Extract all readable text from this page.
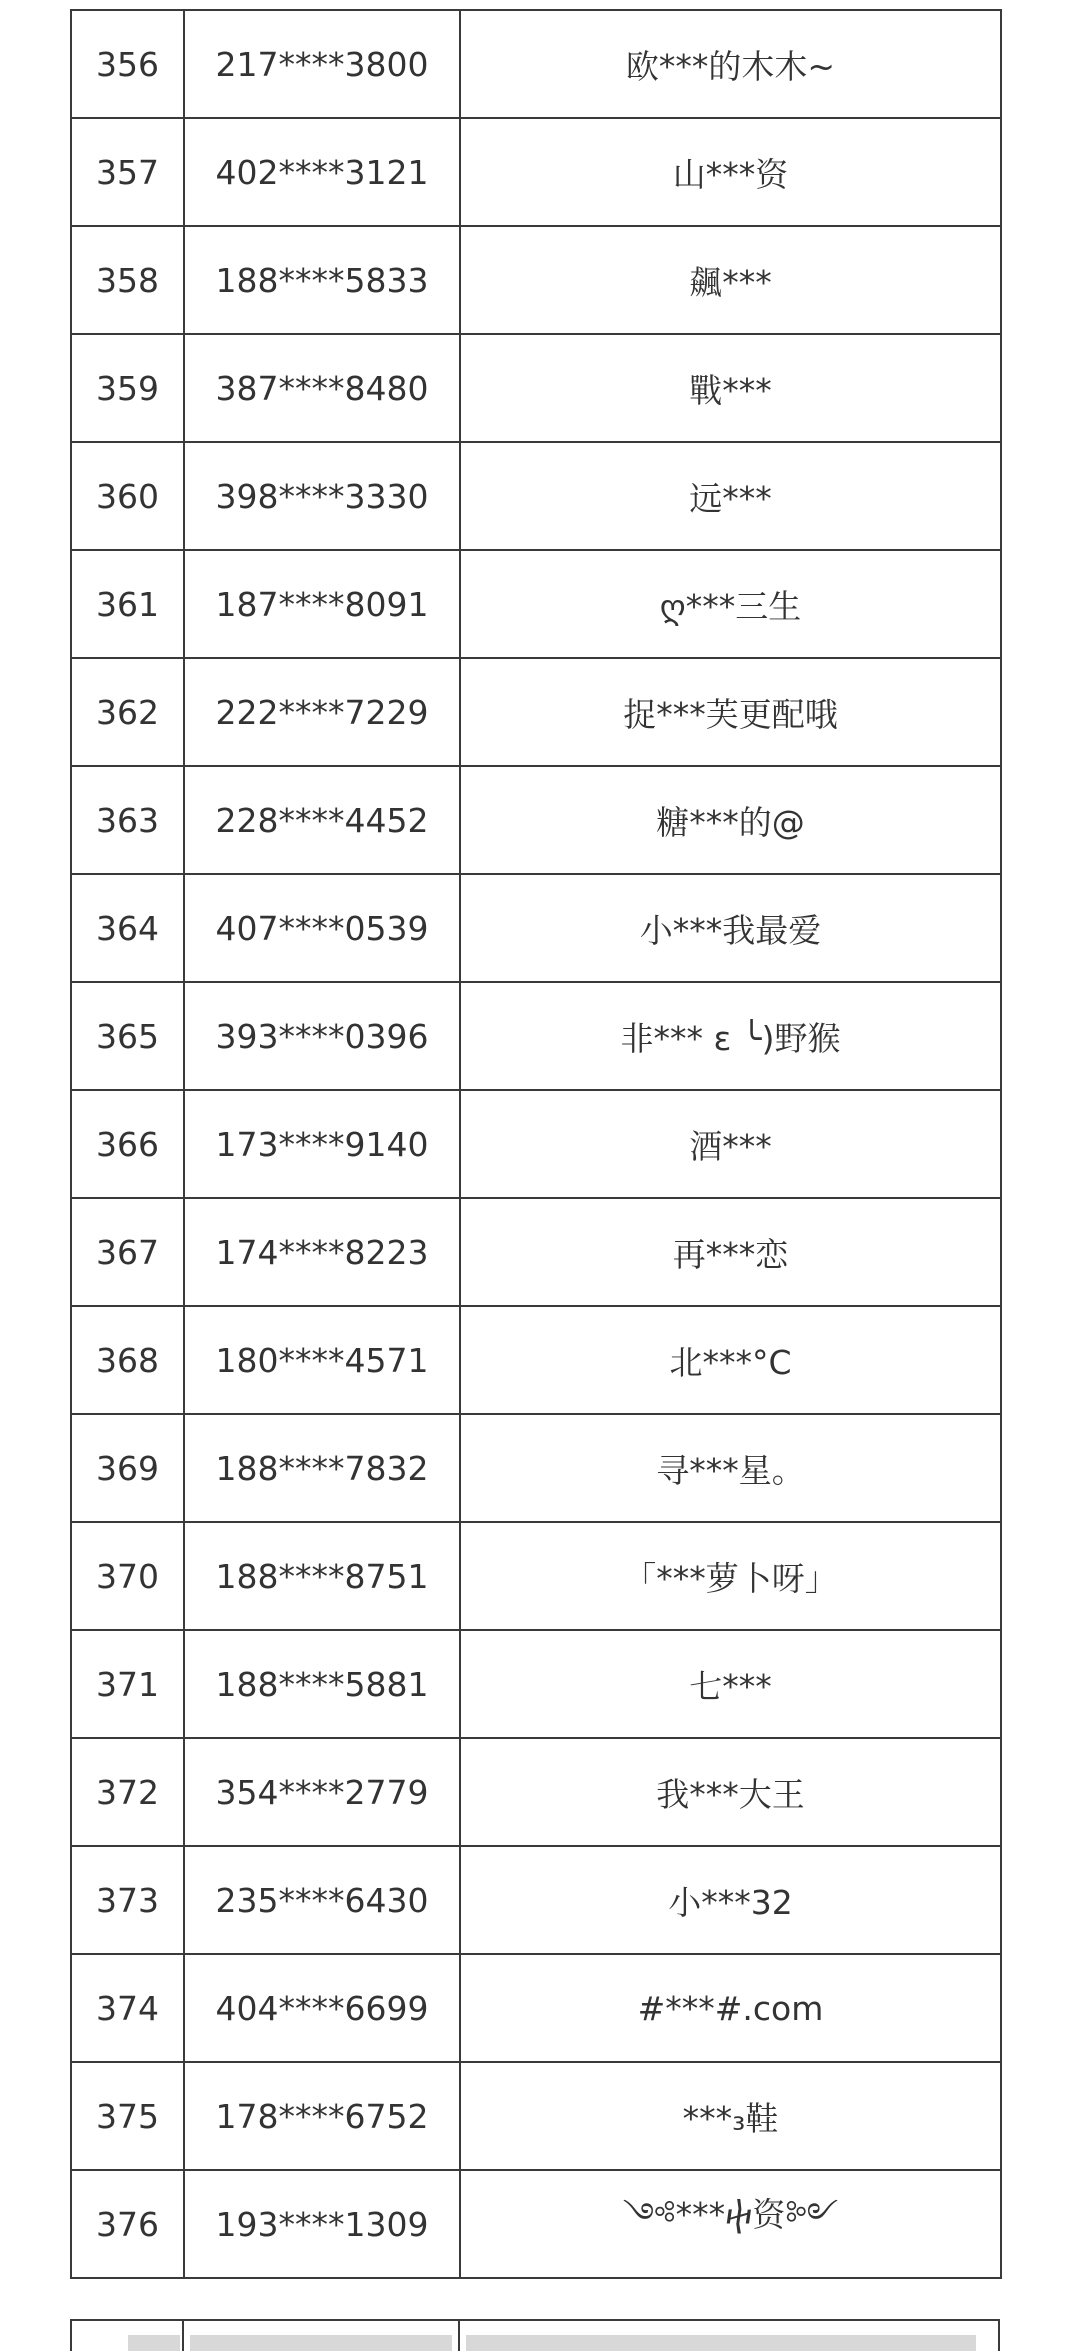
356	217****3800	欧***的木木~
357	402****3121	山***资
358	188****5833	飆***
359	387****8480	戰***
360	398****3330	远***
361	187****8091	ღ***三生
362	222****7229	捉***芙更配哦
363	228****4452	糖***的@
364	407****0539	小***我最爱
365	393****0396	非*** ε ╰)野猴
366	173****9140	酒***
367	174****8223	再***恋
368	180****4571	北***°C
369	188****7832	寻***星。
370	188****8751	「***萝卜呀」
371	188****5881	七***
372	354****2779	我***大王
373	235****6430	小***32
374	404****6699	#***#.com
375	178****6752	***₃鞋
376	193****1309	༺***ⴕ资༻
